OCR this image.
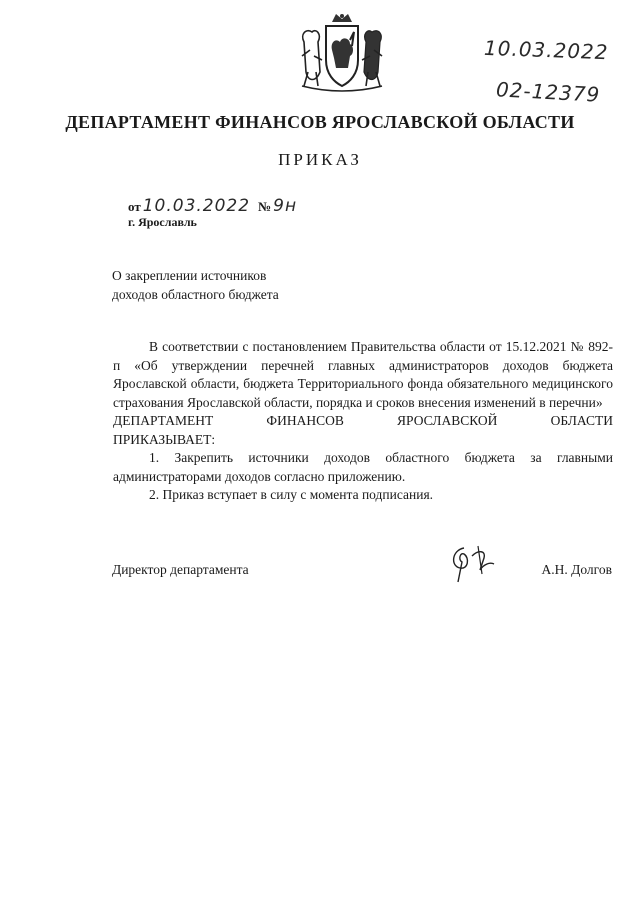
10.03.2022
02-12379
ДЕПАРТАМЕНТ ФИНАНСОВ ЯРОСЛАВСКОЙ ОБЛАСТИ
ПРИКАЗ
от 10.03.2022 № 9н
г. Ярославль
О закреплении источников
доходов областного бюджета

В соответствии с постановлением Правительства области от 15.12.2021 № 892-п «Об утверждении перечней главных администраторов доходов бюджета Ярославской области, бюджета Территориального фонда обязательного медицинского страхования Ярославской области, порядка и сроков внесения изменений в перечни»

ДЕПАРТАМЕНТ ФИНАНСОВ ЯРОСЛАВСКОЙ ОБЛАСТИ

ПРИКАЗЫВАЕТ:

1. Закрепить источники доходов областного бюджета за главными администраторами доходов согласно приложению.

2. Приказ вступает в силу с момента подписания.

Директор департамента	А.Н. Долгов
